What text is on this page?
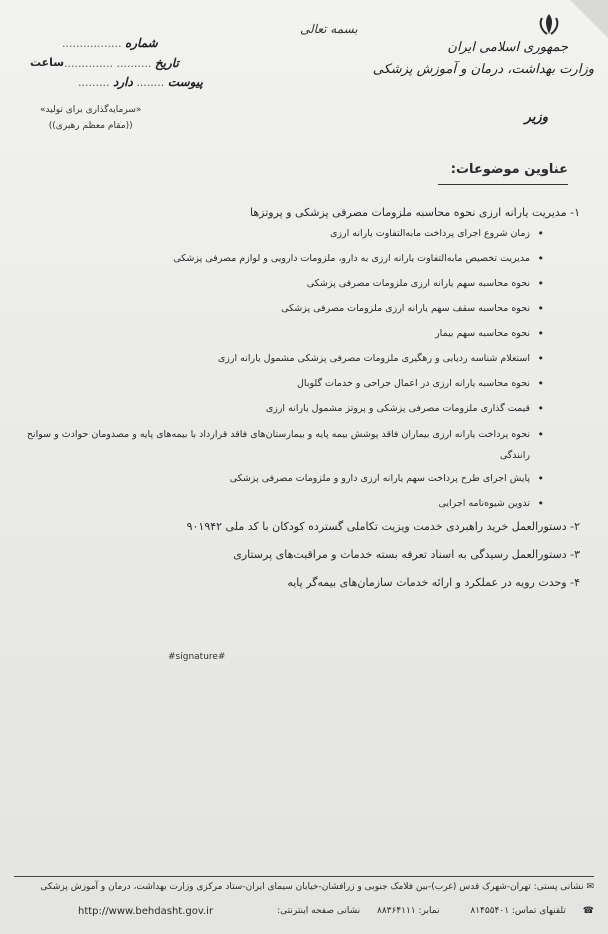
بسمه تعالی
جمهوری اسلامی ایران
وزارت بهداشت، درمان و آموزش پزشکی
وزیر
شماره .................
تاریخ .......... ..............
پیوست ........ دارد .........
ساعت
«سرمایه‌گذاری برای تولید»
((مقام معظم رهبری))
عناوین موضوعات:
۱- مدیریت یارانه ارزی نحوه محاسبه ملزومات مصرفی پزشکی و پروتزها
• زمان شروع اجرای پرداخت مابه‌التفاوت یارانه ارزی
• مدیریت تخصیص مابه‌التفاوت یارانه ارزی به دارو، ملزومات دارویی و لوازم مصرفی پزشکی
• نحوه محاسبه سهم یارانه ارزی ملزومات مصرفی پزشکی
• نحوه محاسبه سقف سهم یارانه ارزی ملزومات مصرفی پزشکی
• نحوه محاسبه سهم بیمار
• استعلام شناسه ردیابی و رهگیری ملزومات مصرفی پزشکی مشمول یارانه ارزی
• نحوه محاسبه یارانه ارزی در اعمال جراحی و خدمات گلوبال
• قیمت گذاری ملزومات مصرفی پزشکی و پروتز مشمول یارانه ارزی
• نحوه پرداخت یارانه ارزی بیماران فاقد پوشش بیمه پایه و بیمارستان‌های فاقد قرارداد با بیمه‌های پایه و مصدومان حوادث و سوانح رانندگی
• پایش اجرای طرح پرداخت سهم یارانه ارزی دارو و ملزومات مصرفی پزشکی
• تدوین شیوه‌نامه اجرایی
۲- دستورالعمل خرید راهبردی خدمت ویزیت تکاملی گسترده کودکان با کد ملی ۹۰۱۹۴۲
۳- دستورالعمل رسیدگی به اسناد تعرفه بسته خدمات و مراقبت‌های پرستاری
۴- وحدت رویه در عملکرد و ارائه خدمات سازمان‌های بیمه‌گر پایه
#signature#
✉ نشانی پستی: تهران-شهرک قدس (غرب)-بین فلامک جنوبی و زرافشان-خیابان سیمای ایران-ستاد مرکزی وزارت بهداشت، درمان و آموزش پزشکی
☎ تلفنهای تماس: ۸۱۴۵۵۴۰۱ نمابر: ۸۸۳۶۴۱۱۱ نشانی صفحه اینترنتی:
http://www.behdasht.gov.ir
